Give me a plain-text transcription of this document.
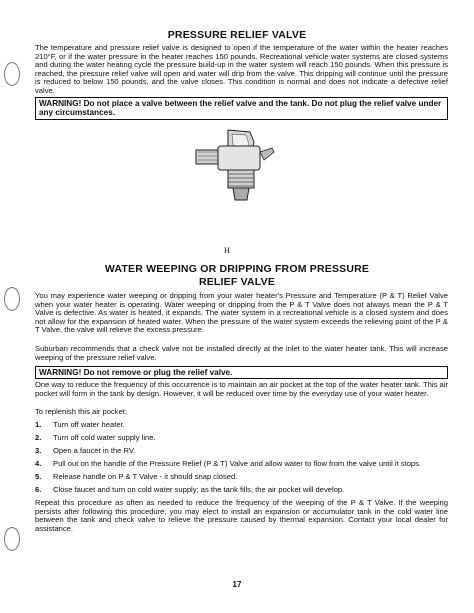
PRESSURE RELIEF VALVE
The temperature and pressure relief valve is designed to open if the temperature of the water within the heater reaches 210°F, or if the water pressure in the heater reaches 150 pounds. Recreational vehicle water systems are closed systems and during the water heating cycle the pressure build-up in the water system will reach 150 pounds. When this pressure is reached, the pressure relief valve will open and water will drip from the valve. This dripping will continue until the pressure is reduced to below 150 pounds, and the valve closes. This condition is normal and does not indicate a defective relief valve.
WARNING! Do not place a valve between the relief valve and the tank. Do not plug the relief valve under any circumstances.
H
WATER WEEPING OR DRIPPING FROM PRESSURE
RELIEF VALVE
You may experience water weeping or dripping from your water heater's Pressure and Temperature (P & T) Relief Valve when your water heater is operating. Water weeping or dripping from the P & T Valve does not always mean the P & T Valve is defective. As water is heated, it expands. The water system in a recreational vehicle is a closed system and does not allow for the expansion of heated water. When the pressure of the water system exceeds the relieving point of the P & T Valve, the valve will relieve the excess pressure.
Suburban recommends that a check valve not be installed directly at the inlet to the water heater tank. This will increase weeping of the pressure relief valve.
WARNING! Do not remove or plug the relief valve.
One way to reduce the frequency of this occurrence is to maintain an air pocket at the top of the water heater tank. This air pocket will form in the tank by design. However, it will be reduced over time by the everyday use of your water heater.
To replenish this air pocket:
1. Turn off water heater.
2. Turn off cold water supply line.
3. Open a faucet in the RV.
4. Pull out on the handle of the Pressure Relief (P & T) Valve and allow water to flow from the valve until it stops.
5. Release handle on P & T Valve - it should snap closed.
6. Close faucet and turn on cold water supply; as the tank fills, the air pocket will develop.
Repeat this procedure as often as needed to reduce the frequency of the weeping of the P & T Valve. If the weeping persists after following this procedure, you may elect to install an expansion or accumulator tank in the cold water line between the tank and check valve to relieve the pressure caused by thermal expansion. Contact your local dealer for assistance.
17
